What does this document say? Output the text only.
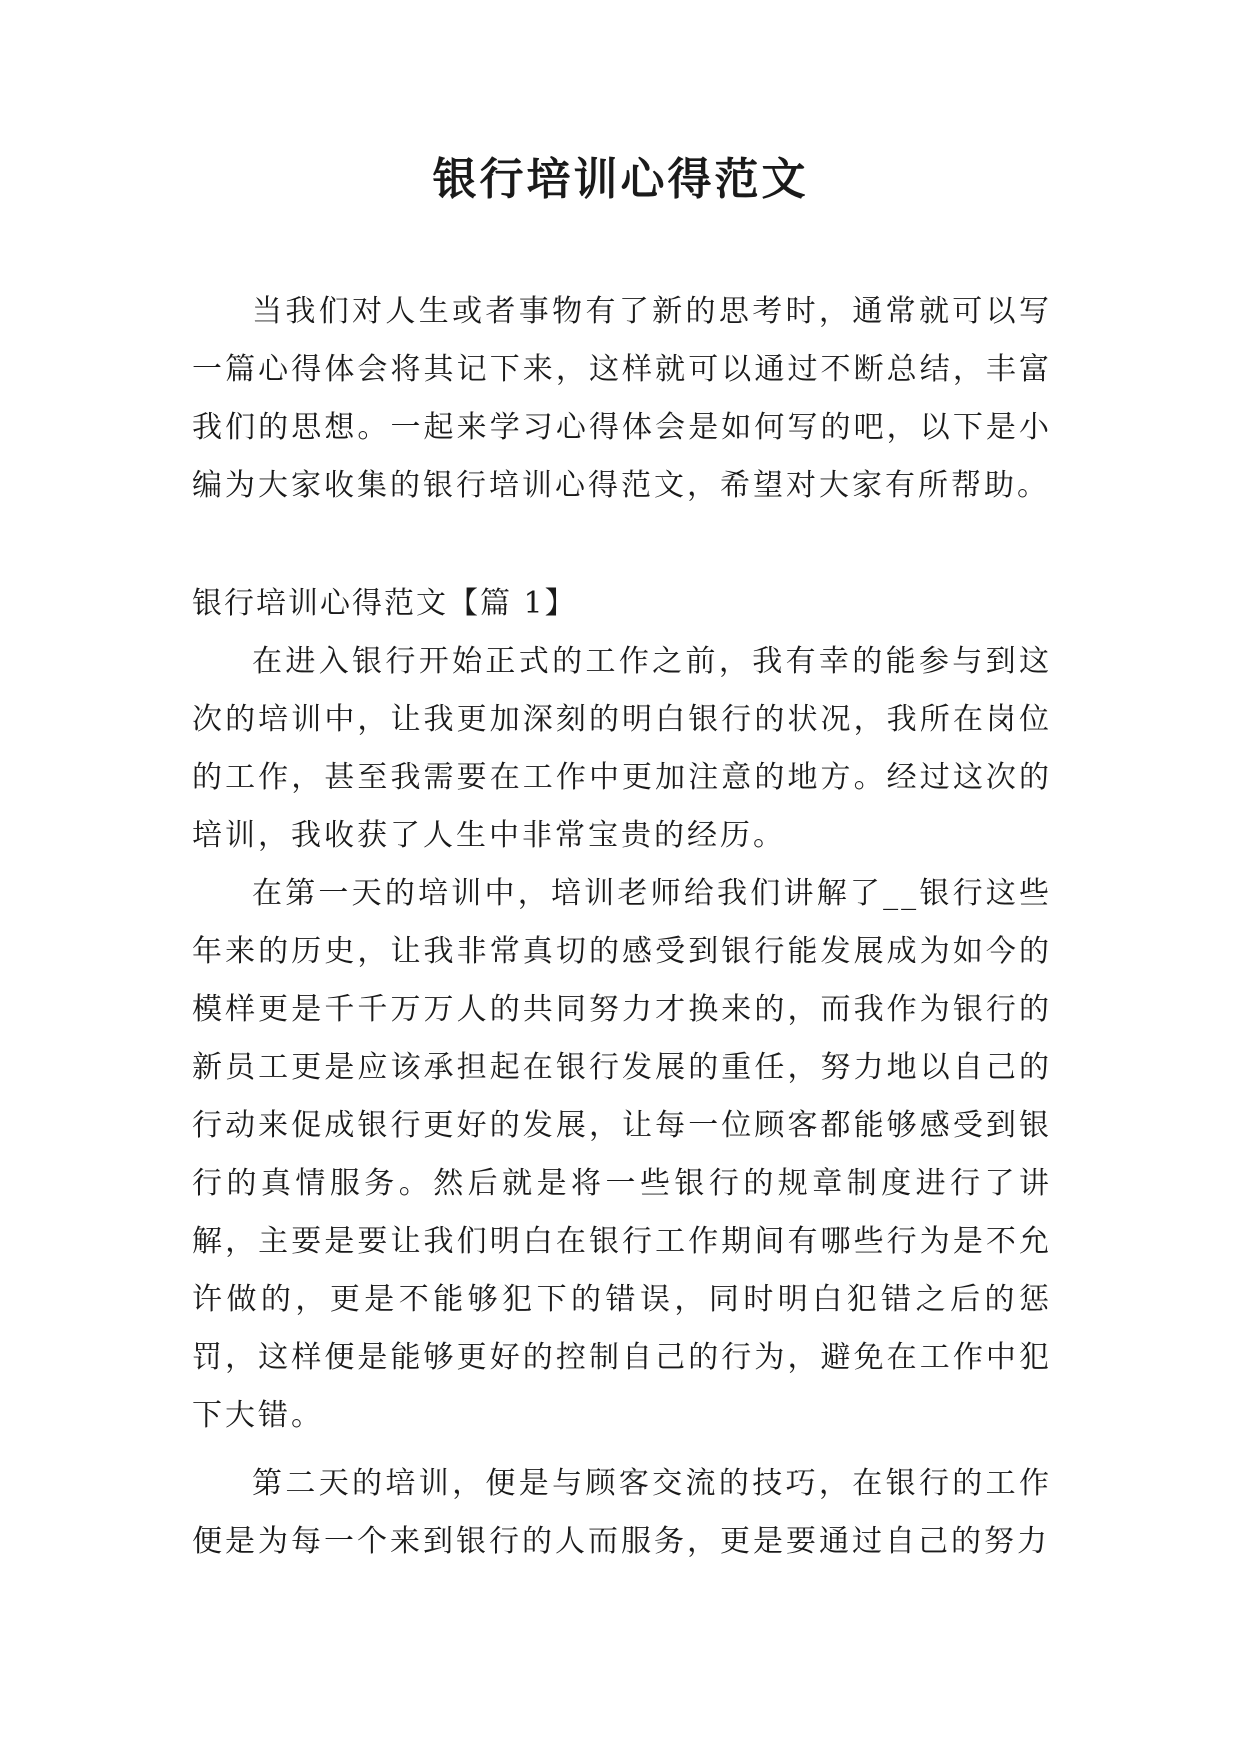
银行培训心得范文

当我们对人生或者事物有了新的思考时，通常就可以写一篇心得体会将其记下来，这样就可以通过不断总结，丰富我们的思想。一起来学习心得体会是如何写的吧，以下是小编为大家收集的银行培训心得范文，希望对大家有所帮助。

银行培训心得范文【篇 1】

在进入银行开始正式的工作之前，我有幸的能参与到这次的培训中，让我更加深刻的明白银行的状况，我所在岗位的工作，甚至我需要在工作中更加注意的地方。经过这次的培训，我收获了人生中非常宝贵的经历。

在第一天的培训中，培训老师给我们讲解了__银行这些年来的历史，让我非常真切的感受到银行能发展成为如今的模样更是千千万万人的共同努力才换来的，而我作为银行的新员工更是应该承担起在银行发展的重任，努力地以自己的行动来促成银行更好的发展，让每一位顾客都能够感受到银行的真情服务。然后就是将一些银行的规章制度进行了讲解，主要是要让我们明白在银行工作期间有哪些行为是不允许做的，更是不能够犯下的错误，同时明白犯错之后的惩罚，这样便是能够更好的控制自己的行为，避免在工作中犯下大错。

第二天的培训，便是与顾客交流的技巧，在银行的工作便是为每一个来到银行的人而服务，更是要通过自己的努力
